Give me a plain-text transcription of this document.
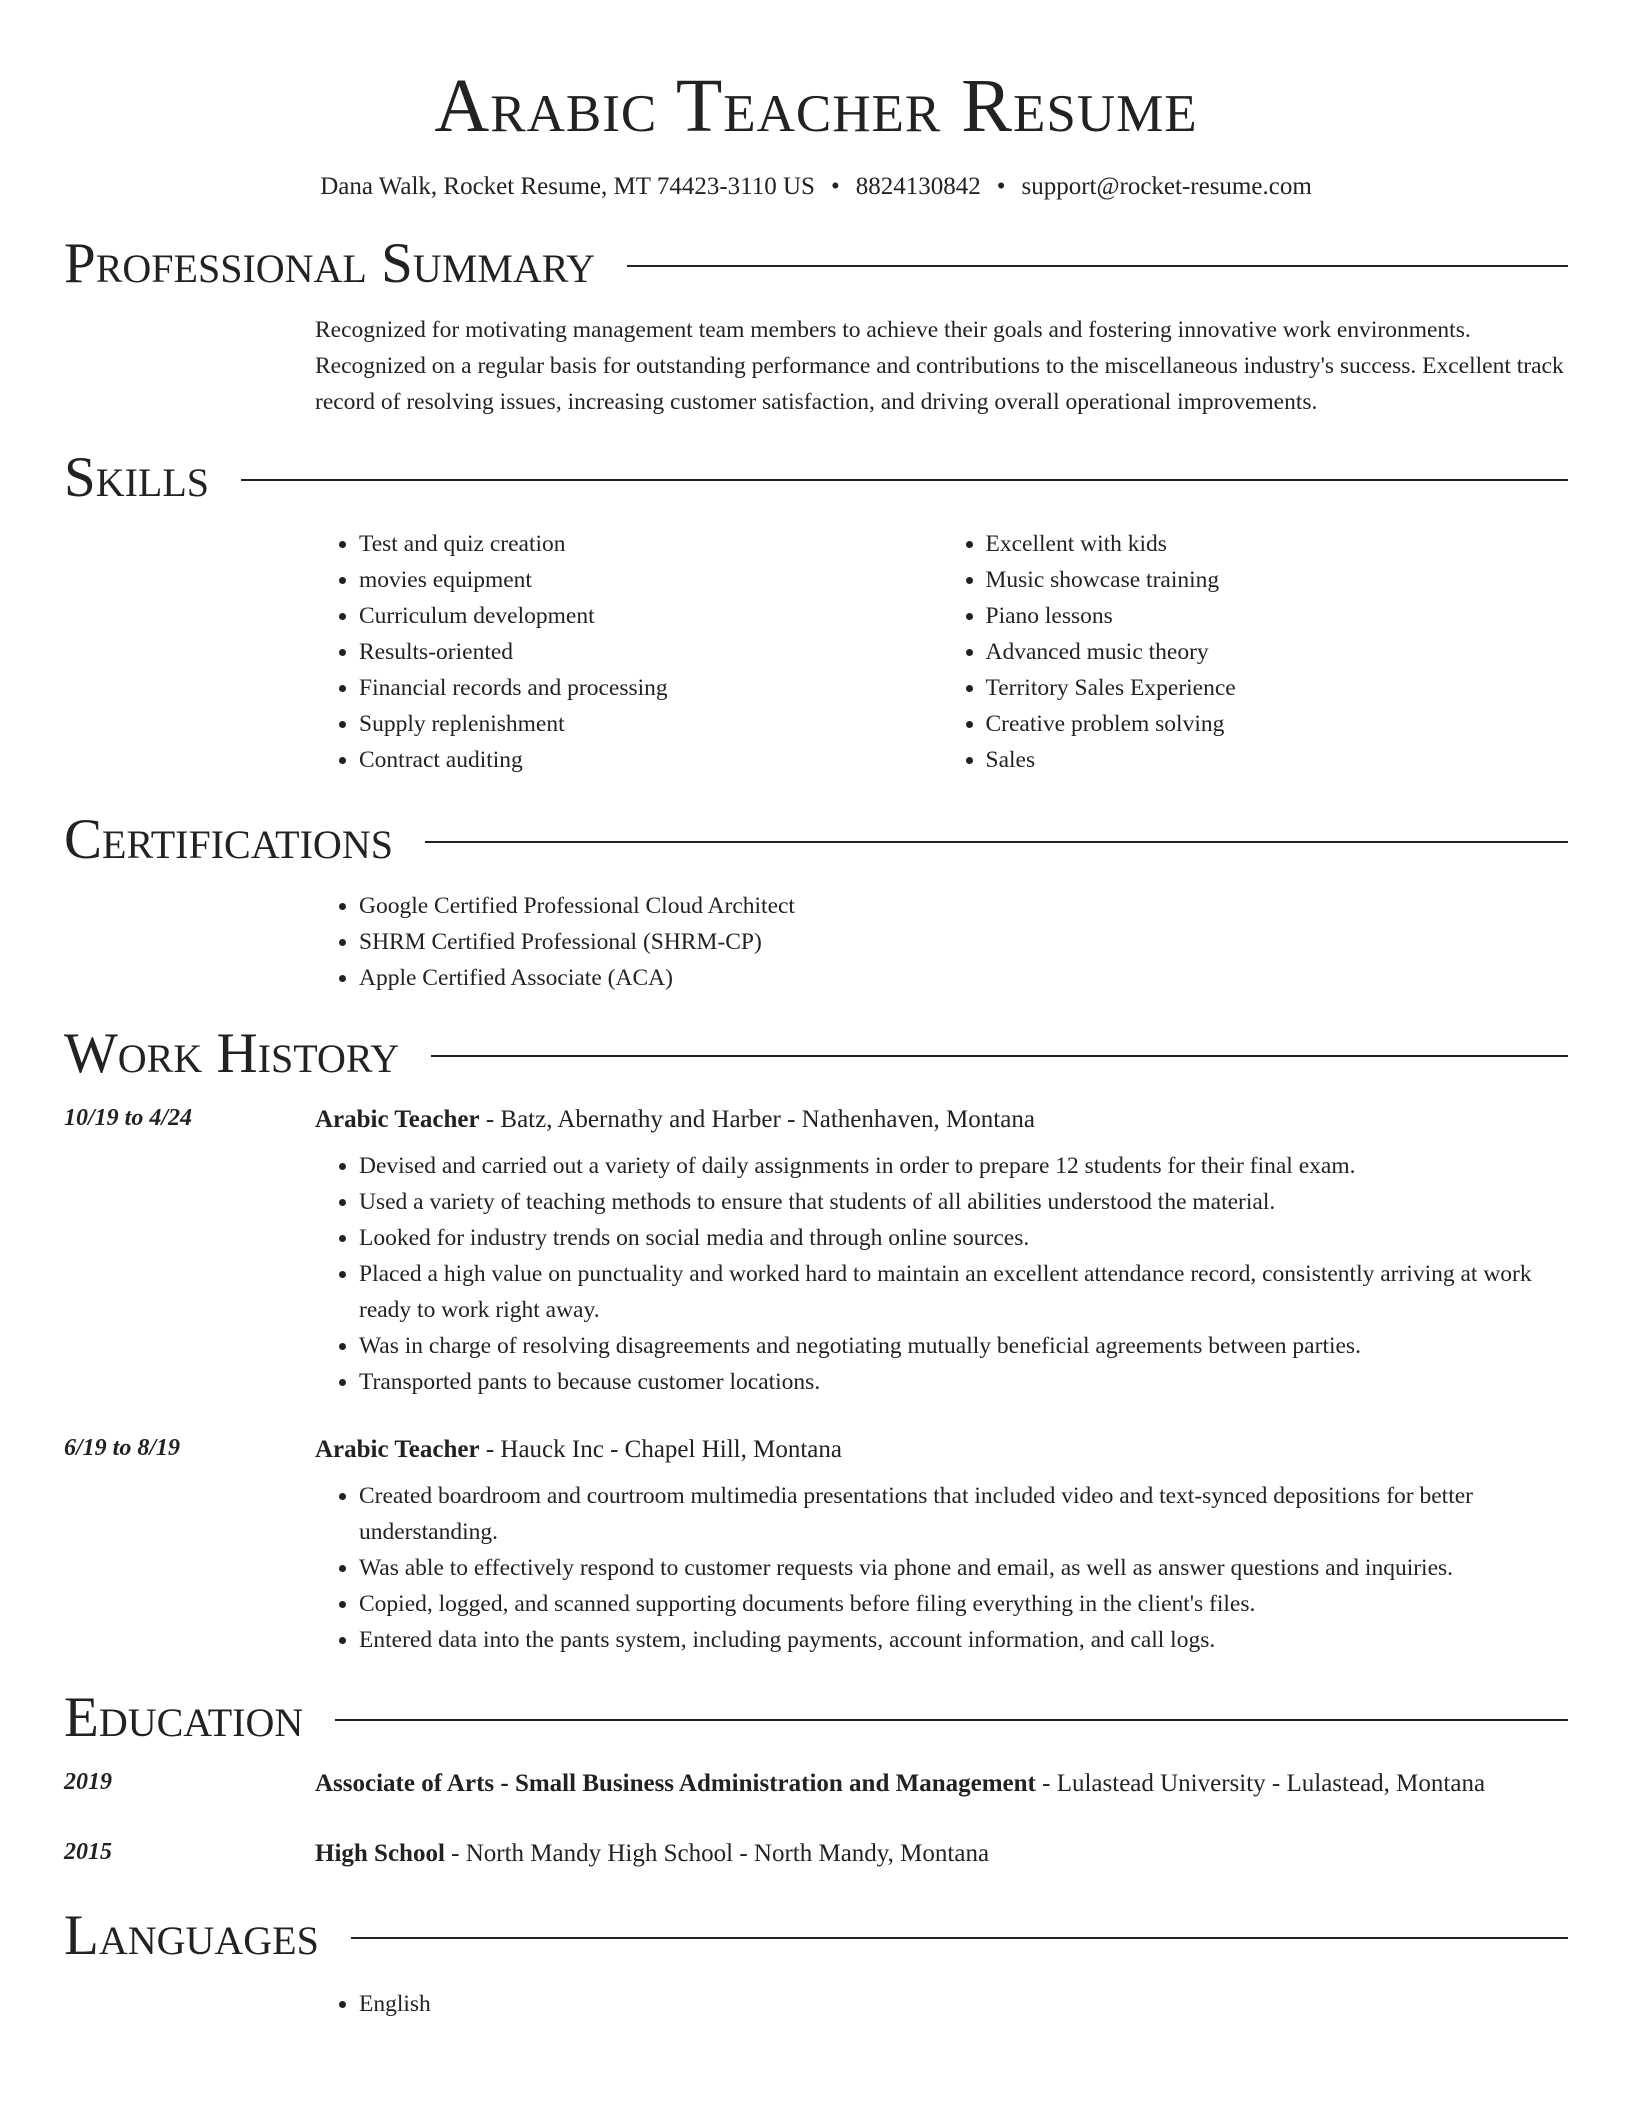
Arabic Teacher Resume
Dana Walk, Rocket Resume, MT 74423-3110 US • 8824130842 • support@rocket-resume.com
Professional Summary

Recognized for motivating management team members to achieve their goals and fostering innovative work environments. Recognized on a regular basis for outstanding performance and contributions to the miscellaneous industry's success. Excellent track record of resolving issues, increasing customer satisfaction, and driving overall operational improvements.

Skills
• Test and quiz creation
• movies equipment
• Curriculum development
• Results-oriented
• Financial records and processing
• Supply replenishment
• Contract auditing
• Excellent with kids
• Music showcase training
• Piano lessons
• Advanced music theory
• Territory Sales Experience
• Creative problem solving
• Sales
Certifications
• Google Certified Professional Cloud Architect
• SHRM Certified Professional (SHRM-CP)
• Apple Certified Associate (ACA)
Work History
10/19 to 4/24	Arabic Teacher - Batz, Abernathy and Harber - Nathenhaven, Montana
• Devised and carried out a variety of daily assignments in order to prepare 12 students for their final exam.
• Used a variety of teaching methods to ensure that students of all abilities understood the material.
• Looked for industry trends on social media and through online sources.
• Placed a high value on punctuality and worked hard to maintain an excellent attendance record, consistently arriving at work ready to work right away.
• Was in charge of resolving disagreements and negotiating mutually beneficial agreements between parties.
• Transported pants to because customer locations.
6/19 to 8/19	Arabic Teacher - Hauck Inc - Chapel Hill, Montana
• Created boardroom and courtroom multimedia presentations that included video and text-synced depositions for better understanding.
• Was able to effectively respond to customer requests via phone and email, as well as answer questions and inquiries.
• Copied, logged, and scanned supporting documents before filing everything in the client's files.
• Entered data into the pants system, including payments, account information, and call logs.
Education
2019	Associate of Arts - Small Business Administration and Management - Lulastead University - Lulastead, Montana
2015	High School - North Mandy High School - North Mandy, Montana
Languages
• English
